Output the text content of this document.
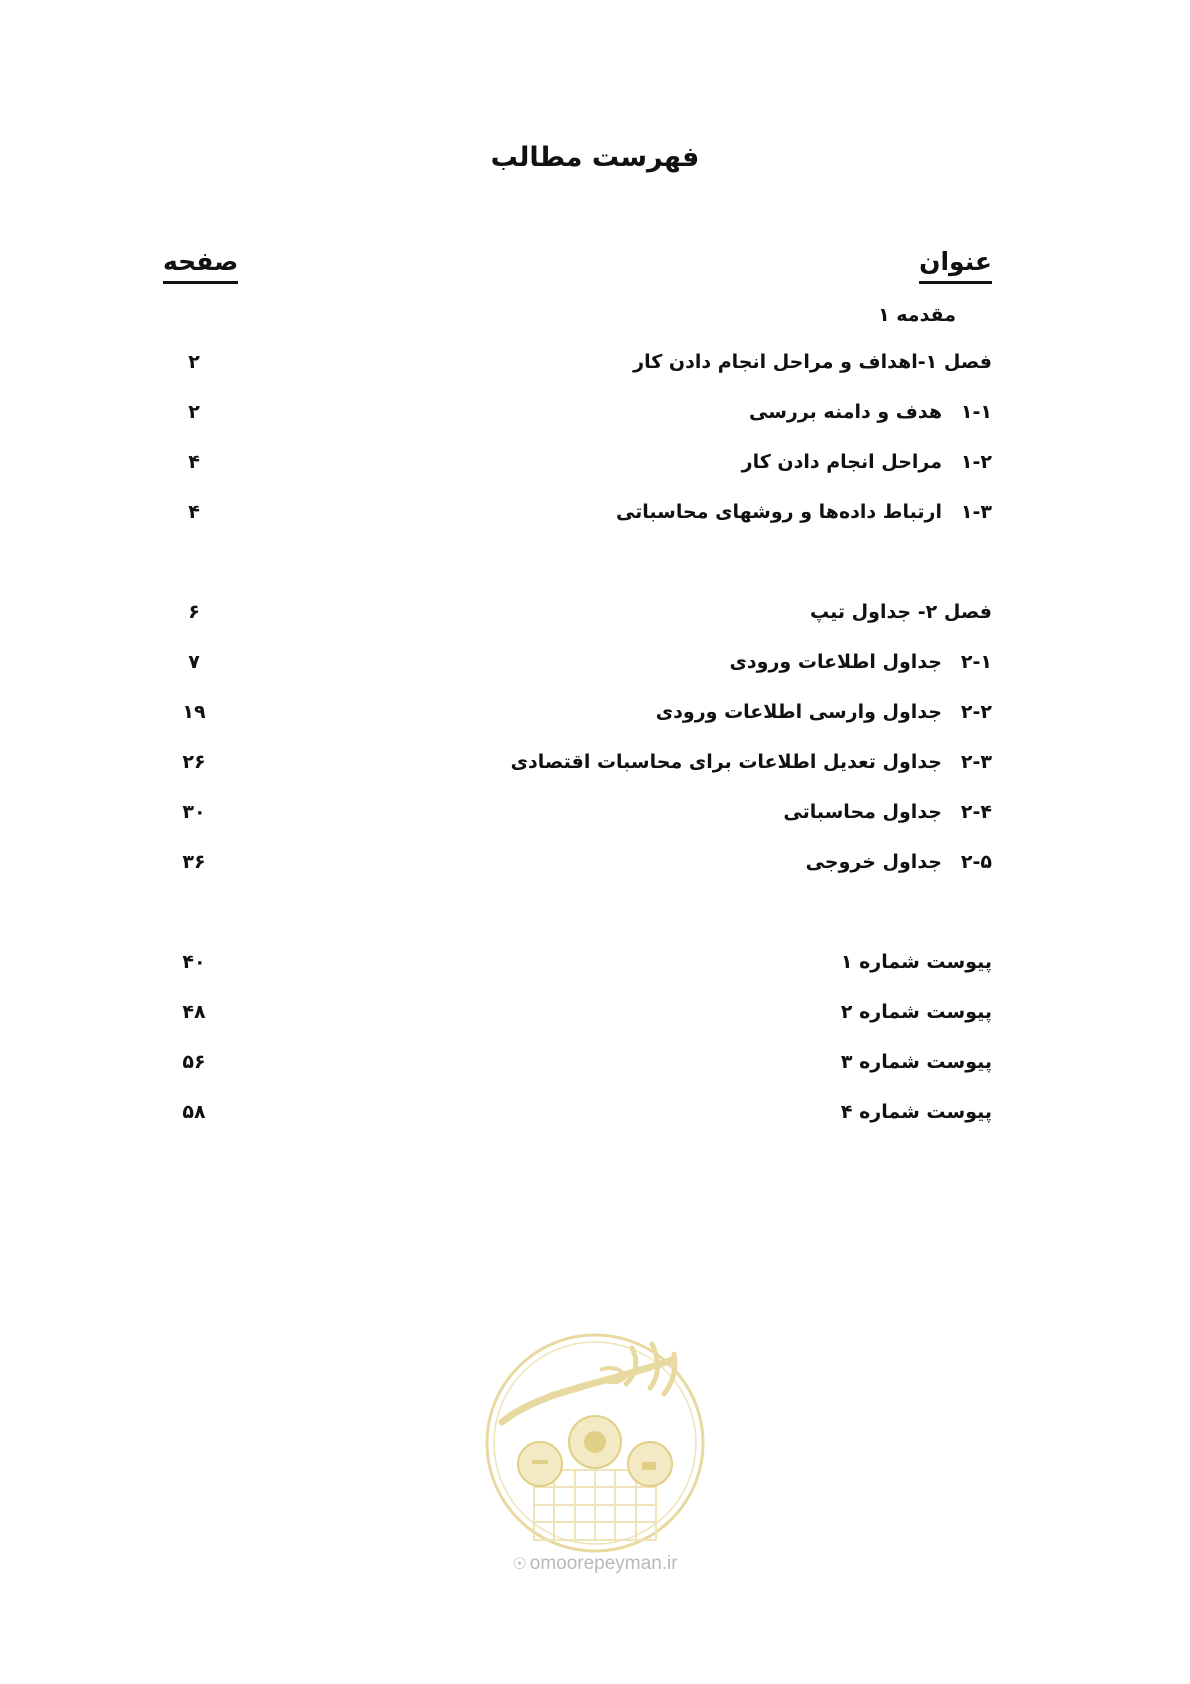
فهرست مطالب
عنوان
صفحه
مقدمه ۱
فصل ۱-اهداف و مراحل انجام دادن کار
۲
۱-۱هدف و دامنه بررسی
۲
۱-۲مراحل انجام دادن کار
۴
۱-۳ارتباط داده‌ها و روشهای محاسباتی
۴
فصل ۲- جداول تیپ
۶
۲-۱جداول اطلاعات ورودی
۷
۲-۲جداول وارسی اطلاعات ورودی
۱۹
۲-۳جداول تعدیل اطلاعات برای محاسبات اقتصادی
۲۶
۲-۴جداول محاسباتی
۳۰
۲-۵جداول خروجی
۳۶
پیوست شماره ۱
۴۰
پیوست شماره ۲
۴۸
پیوست شماره ۳
۵۶
پیوست شماره ۴
۵۸
☉ omoorepeyman.ir
